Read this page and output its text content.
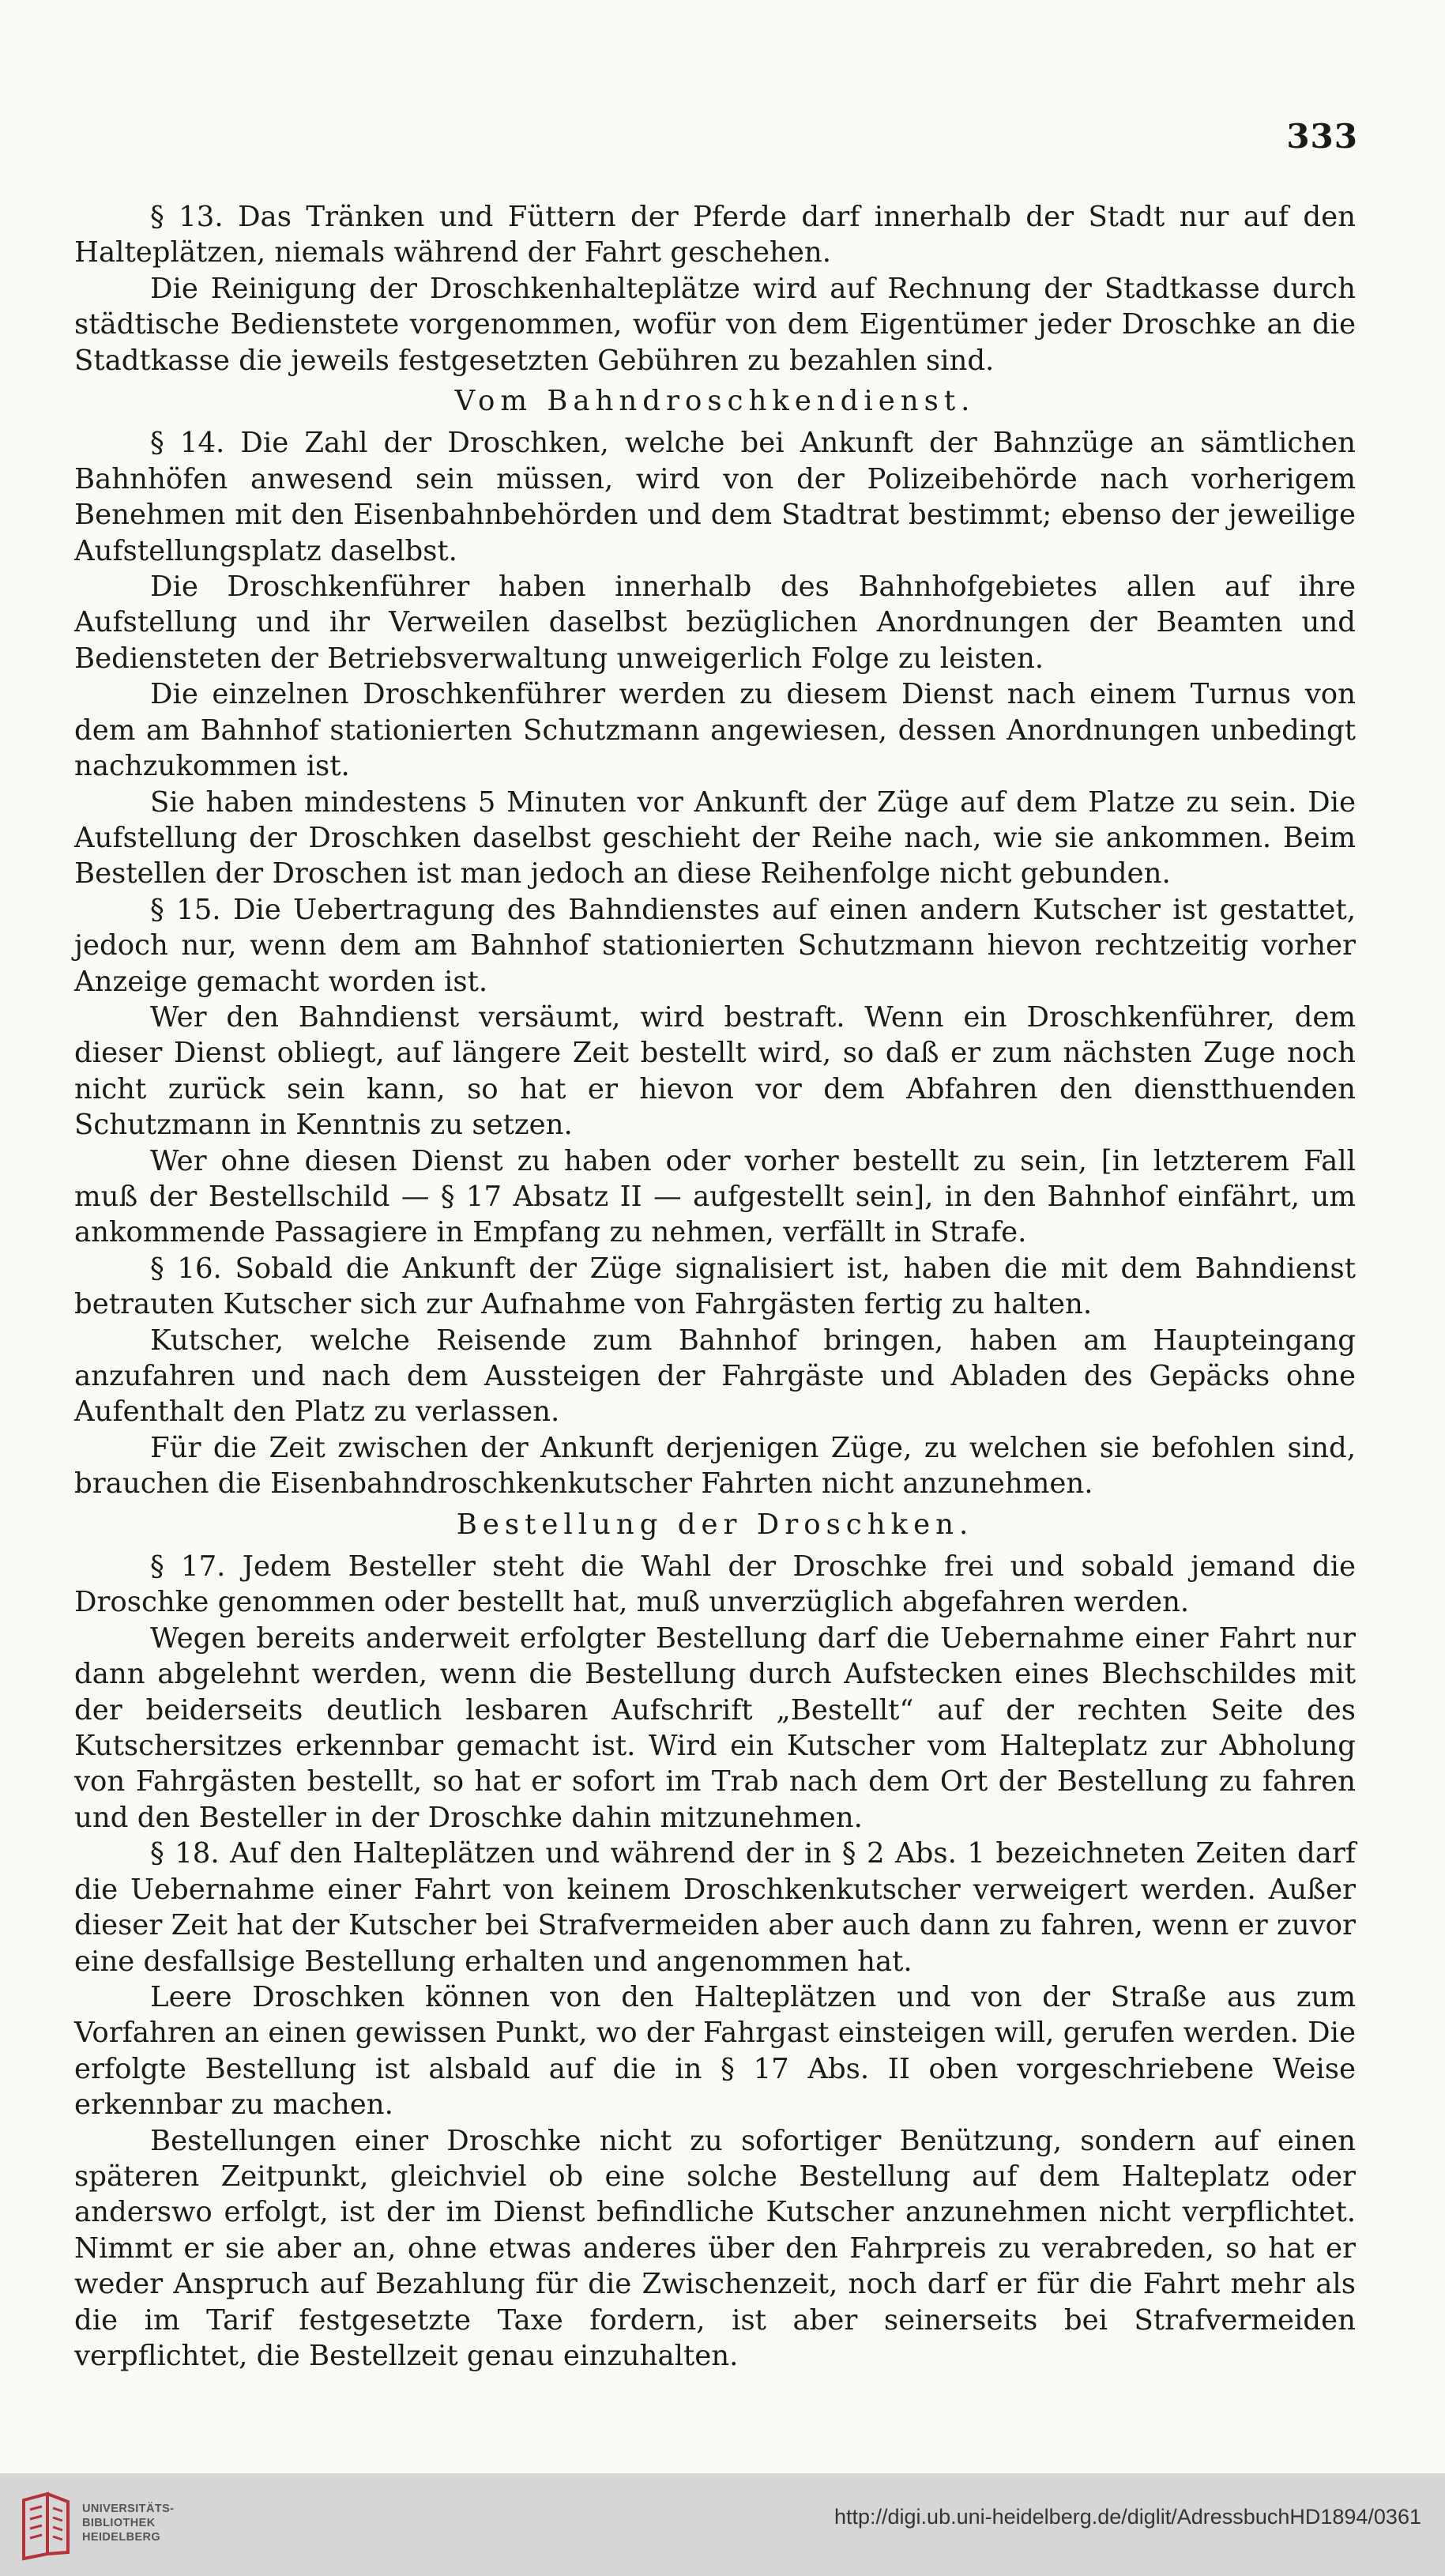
333

§ 13. Das Tränken und Füttern der Pferde darf innerhalb der Stadt nur auf den Halteplätzen, niemals während der Fahrt geschehen.

Die Reinigung der Droschkenhalteplätze wird auf Rechnung der Stadtkasse durch städtische Bedienstete vorgenommen, wofür von dem Eigentümer jeder Droschke an die Stadtkasse die jeweils festgesetzten Gebühren zu bezahlen sind.

Vom Bahndroschkendienst.

§ 14. Die Zahl der Droschken, welche bei Ankunft der Bahnzüge an sämtlichen Bahnhöfen anwesend sein müssen, wird von der Polizeibehörde nach vorherigem Benehmen mit den Eisenbahnbehörden und dem Stadtrat bestimmt; ebenso der jeweilige Aufstellungsplatz daselbst.

Die Droschkenführer haben innerhalb des Bahnhofgebietes allen auf ihre Aufstellung und ihr Verweilen daselbst bezüglichen Anordnungen der Beamten und Bediensteten der Betriebsverwaltung unweigerlich Folge zu leisten.

Die einzelnen Droschkenführer werden zu diesem Dienst nach einem Turnus von dem am Bahnhof stationierten Schutzmann angewiesen, dessen Anordnungen unbedingt nachzukommen ist.

Sie haben mindestens 5 Minuten vor Ankunft der Züge auf dem Platze zu sein. Die Aufstellung der Droschken daselbst geschieht der Reihe nach, wie sie ankommen. Beim Bestellen der Droschen ist man jedoch an diese Reihenfolge nicht gebunden.

§ 15. Die Uebertragung des Bahndienstes auf einen andern Kutscher ist gestattet, jedoch nur, wenn dem am Bahnhof stationierten Schutzmann hievon rechtzeitig vorher Anzeige gemacht worden ist.

Wer den Bahndienst versäumt, wird bestraft. Wenn ein Droschkenführer, dem dieser Dienst obliegt, auf längere Zeit bestellt wird, so daß er zum nächsten Zuge noch nicht zurück sein kann, so hat er hievon vor dem Abfahren den dienstthuenden Schutzmann in Kenntnis zu setzen.

Wer ohne diesen Dienst zu haben oder vorher bestellt zu sein, [in letzterem Fall muß der Bestellschild — § 17 Absatz II — aufgestellt sein], in den Bahnhof einfährt, um ankommende Passagiere in Empfang zu nehmen, verfällt in Strafe.

§ 16. Sobald die Ankunft der Züge signalisiert ist, haben die mit dem Bahndienst betrauten Kutscher sich zur Aufnahme von Fahrgästen fertig zu halten.

Kutscher, welche Reisende zum Bahnhof bringen, haben am Haupteingang anzufahren und nach dem Aussteigen der Fahrgäste und Abladen des Gepäcks ohne Aufenthalt den Platz zu verlassen.

Für die Zeit zwischen der Ankunft derjenigen Züge, zu welchen sie befohlen sind, brauchen die Eisenbahndroschkenkutscher Fahrten nicht anzunehmen.

Bestellung der Droschken.

§ 17. Jedem Besteller steht die Wahl der Droschke frei und sobald jemand die Droschke genommen oder bestellt hat, muß unverzüglich abgefahren werden.

Wegen bereits anderweit erfolgter Bestellung darf die Uebernahme einer Fahrt nur dann abgelehnt werden, wenn die Bestellung durch Aufstecken eines Blechschildes mit der beiderseits deutlich lesbaren Aufschrift „Bestellt“ auf der rechten Seite des Kutschersitzes erkennbar gemacht ist. Wird ein Kutscher vom Halteplatz zur Abholung von Fahrgästen bestellt, so hat er sofort im Trab nach dem Ort der Bestellung zu fahren und den Besteller in der Droschke dahin mitzunehmen.

§ 18. Auf den Halteplätzen und während der in § 2 Abs. 1 bezeichneten Zeiten darf die Uebernahme einer Fahrt von keinem Droschkenkutscher verweigert werden. Außer dieser Zeit hat der Kutscher bei Strafvermeiden aber auch dann zu fahren, wenn er zuvor eine desfallsige Bestellung erhalten und angenommen hat.

Leere Droschken können von den Halteplätzen und von der Straße aus zum Vorfahren an einen gewissen Punkt, wo der Fahrgast einsteigen will, gerufen werden. Die erfolgte Bestellung ist alsbald auf die in § 17 Abs. II oben vorgeschriebene Weise erkennbar zu machen.

Bestellungen einer Droschke nicht zu sofortiger Benützung, sondern auf einen späteren Zeitpunkt, gleichviel ob eine solche Bestellung auf dem Halteplatz oder anderswo erfolgt, ist der im Dienst befindliche Kutscher anzunehmen nicht verpflichtet. Nimmt er sie aber an, ohne etwas anderes über den Fahrpreis zu verabreden, so hat er weder Anspruch auf Bezahlung für die Zwischenzeit, noch darf er für die Fahrt mehr als die im Tarif festgesetzte Taxe fordern, ist aber seinerseits bei Strafvermeiden verpflichtet, die Bestellzeit genau einzuhalten.

UNIVERSITÄTS-
BIBLIOTHEK
HEIDELBERG
http://digi.ub.uni-heidelberg.de/diglit/AdressbuchHD1894/0361
